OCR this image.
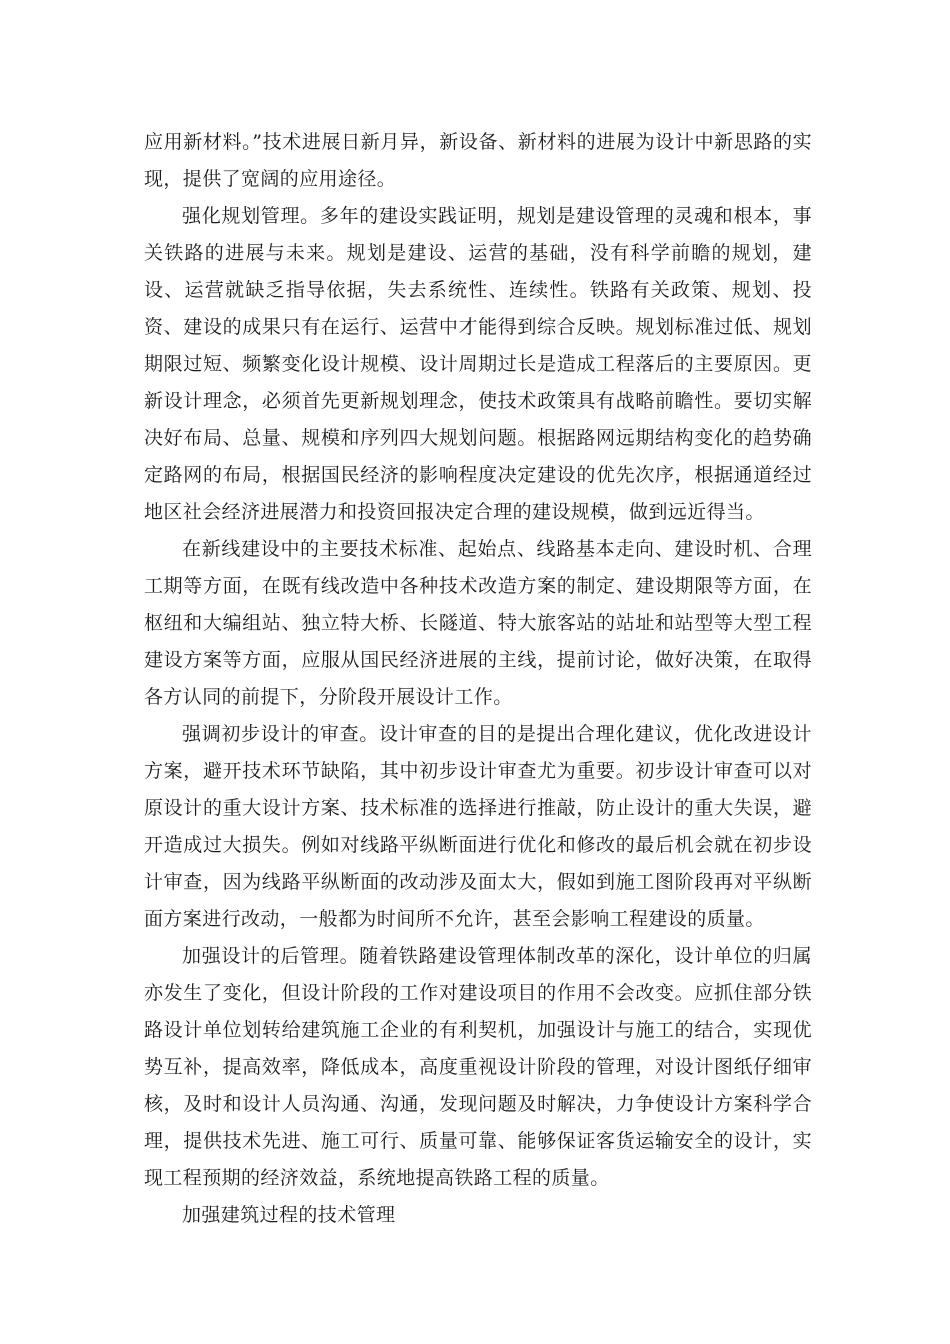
应用新材料。”技术进展日新月异，新设备、新材料的进展为设计中新思路的实现，提供了宽阔的应用途径。

强化规划管理。多年的建设实践证明，规划是建设管理的灵魂和根本，事关铁路的进展与未来。规划是建设、运营的基础，没有科学前瞻的规划，建设、运营就缺乏指导依据，失去系统性、连续性。铁路有关政策、规划、投资、建设的成果只有在运行、运营中才能得到综合反映。规划标准过低、规划期限过短、频繁变化设计规模、设计周期过长是造成工程落后的主要原因。更新设计理念，必须首先更新规划理念，使技术政策具有战略前瞻性。要切实解决好布局、总量、规模和序列四大规划问题。根据路网远期结构变化的趋势确定路网的布局，根据国民经济的影响程度决定建设的优先次序，根据通道经过地区社会经济进展潜力和投资回报决定合理的建设规模，做到远近得当。

在新线建设中的主要技术标准、起始点、线路基本走向、建设时机、合理工期等方面，在既有线改造中各种技术改造方案的制定、建设期限等方面，在枢纽和大编组站、独立特大桥、长隧道、特大旅客站的站址和站型等大型工程建设方案等方面，应服从国民经济进展的主线，提前讨论，做好决策，在取得各方认同的前提下，分阶段开展设计工作。

强调初步设计的审查。设计审查的目的是提出合理化建议，优化改进设计方案，避开技术环节缺陷，其中初步设计审查尤为重要。初步设计审查可以对原设计的重大设计方案、技术标准的选择进行推敲，防止设计的重大失误，避开造成过大损失。例如对线路平纵断面进行优化和修改的最后机会就在初步设计审查，因为线路平纵断面的改动涉及面太大，假如到施工图阶段再对平纵断面方案进行改动，一般都为时间所不允许，甚至会影响工程建设的质量。

加强设计的后管理。随着铁路建设管理体制改革的深化，设计单位的归属亦发生了变化，但设计阶段的工作对建设项目的作用不会改变。应抓住部分铁路设计单位划转给建筑施工企业的有利契机，加强设计与施工的结合，实现优势互补，提高效率，降低成本，高度重视设计阶段的管理，对设计图纸仔细审核，及时和设计人员沟通、沟通，发现问题及时解决，力争使设计方案科学合理，提供技术先进、施工可行、质量可靠、能够保证客货运输安全的设计，实现工程预期的经济效益，系统地提高铁路工程的质量。

加强建筑过程的技术管理
